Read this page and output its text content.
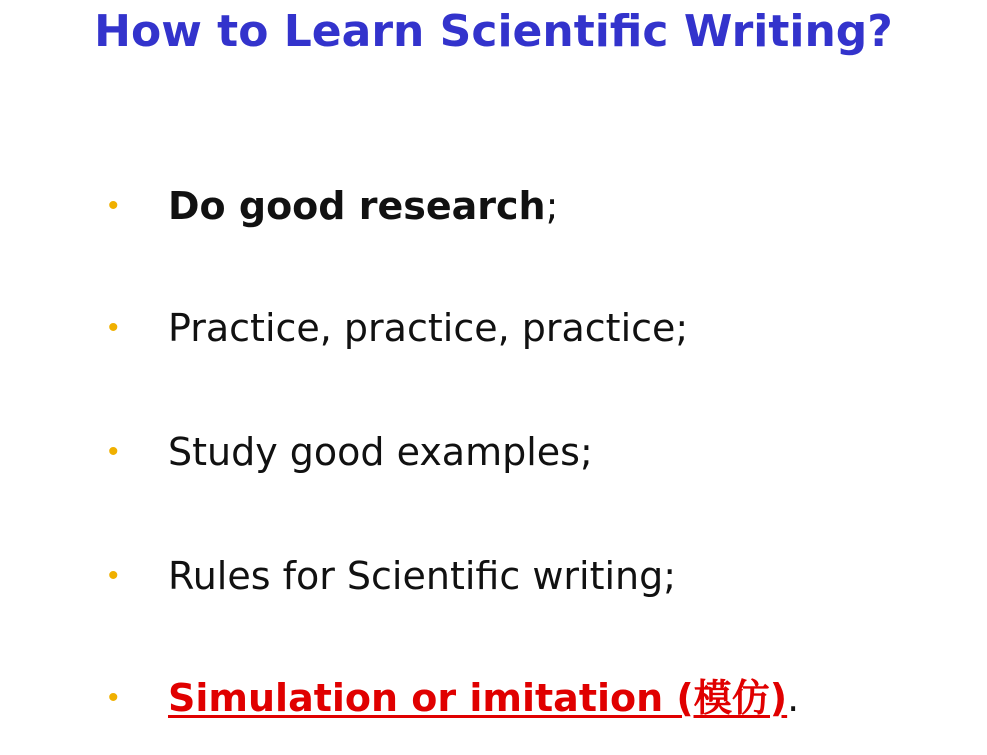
How to Learn Scientific Writing?
• Do good research;
• Practice, practice, practice;
• Study good examples;
• Rules for Scientific writing;
• Simulation or imitation (模仿).
